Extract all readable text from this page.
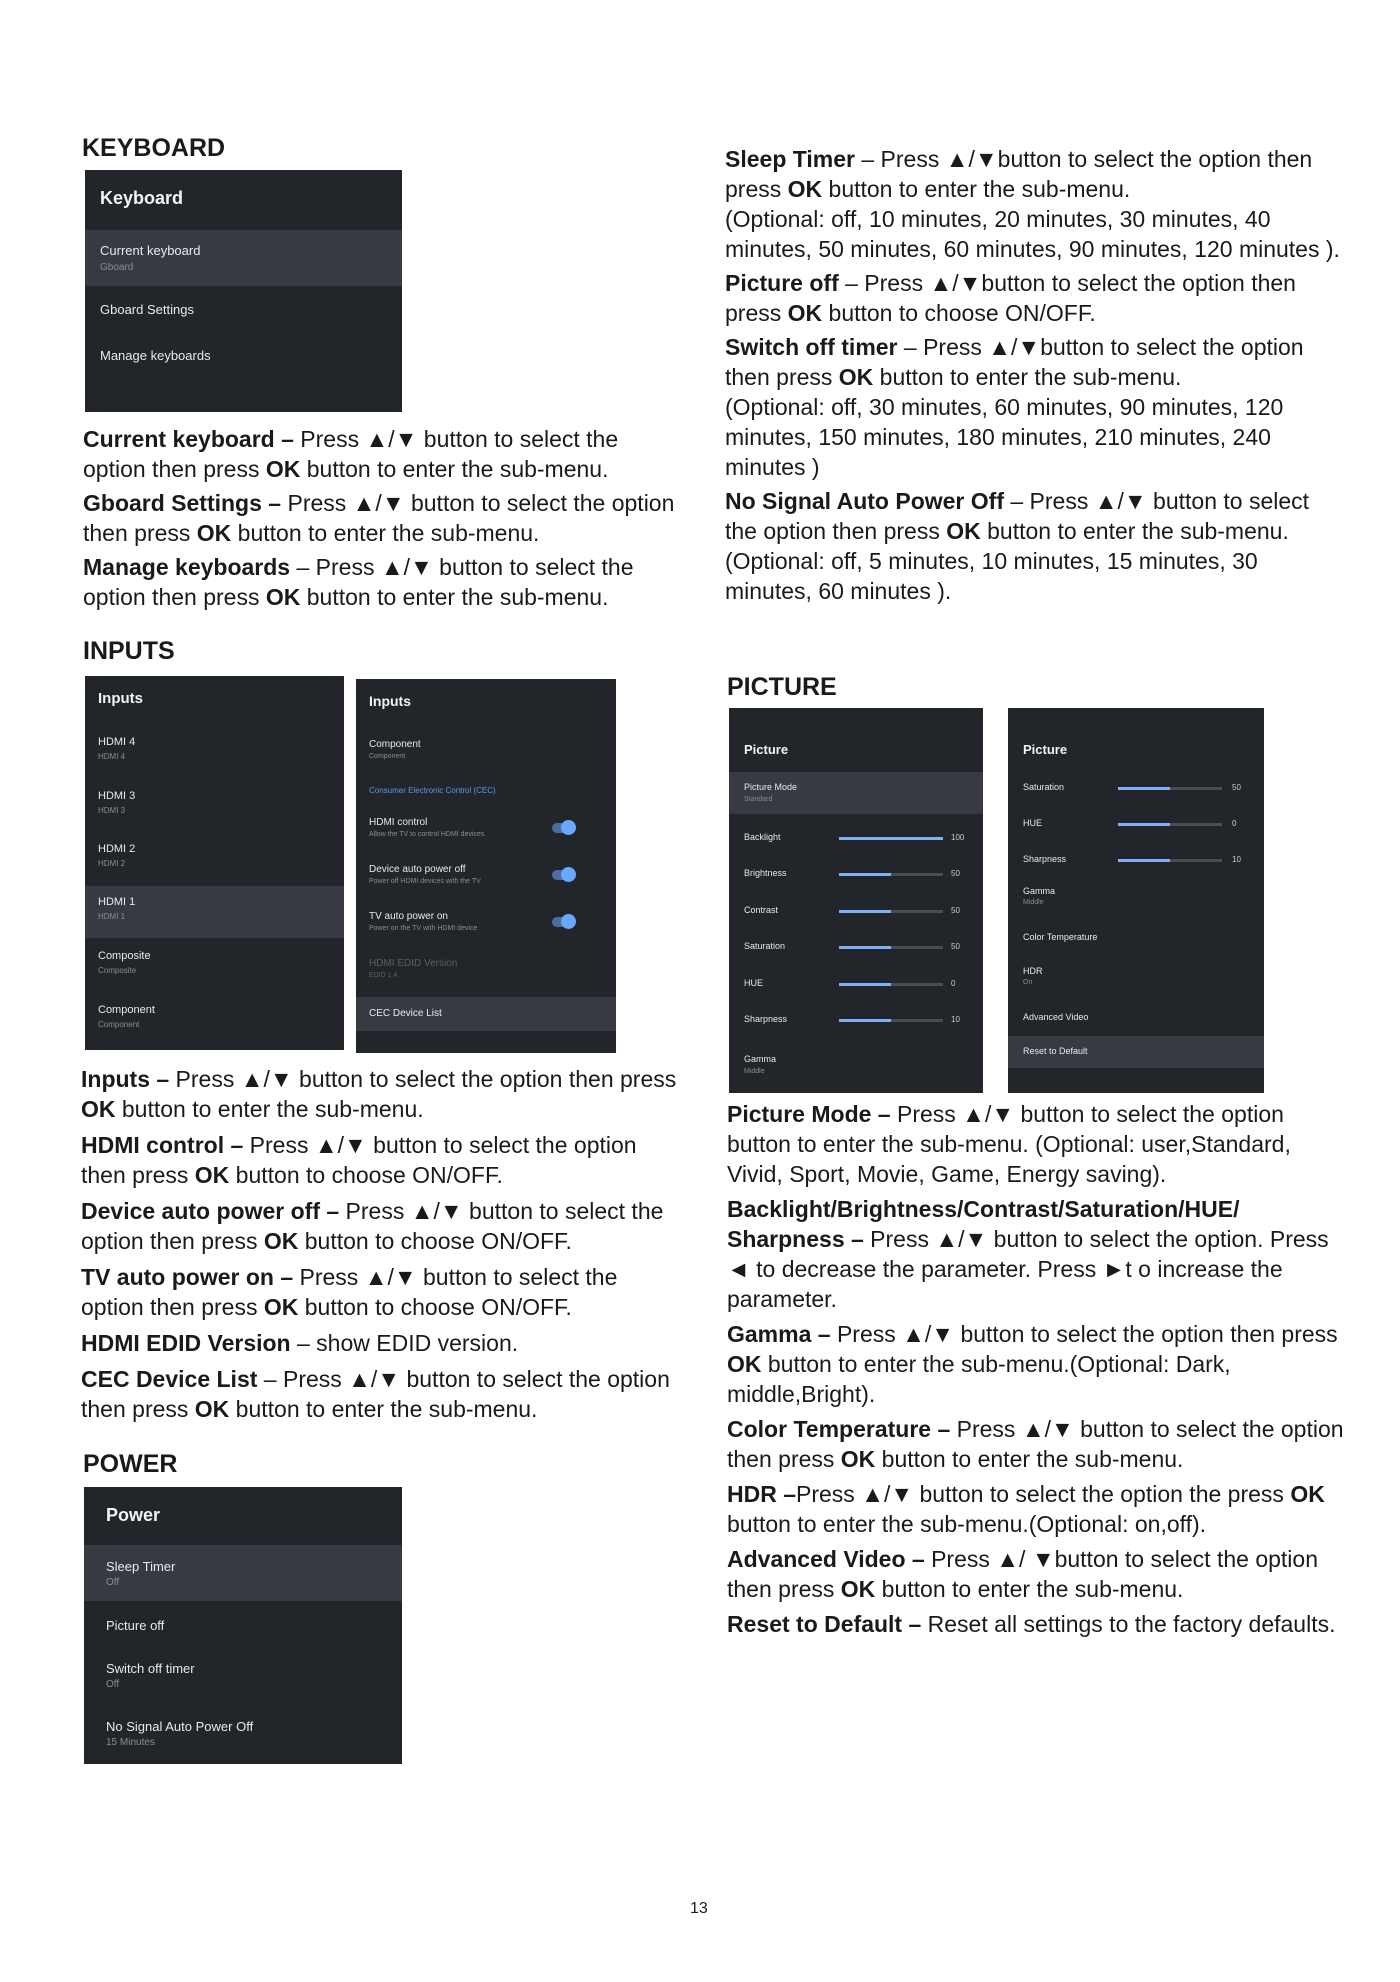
KEYBOARD
Keyboard
Current keyboard
Gboard
Gboard Settings
Manage keyboards
Current keyboard – Press ▲/▼ button to select the option then press OK button to enter the sub-menu.
Gboard Settings – Press ▲/▼ button to select the option then press OK button to enter the sub-menu.
Manage keyboards – Press ▲/▼ button to select the option then press OK button to enter the sub-menu.
INPUTS
Inputs
HDMI 4
HDMI 4
HDMI 3
HDMI 3
HDMI 2
HDMI 2
HDMI 1
HDMI 1
Composite
Composite
Component
Component
Inputs
Component
Component
Consumer Electronic Control (CEC)
HDMI control
Allow the TV to control HDMI devices
Device auto power off
Power off HDMI devices with the TV
TV auto power on
Power on the TV with HDMI device
HDMI EDID Version
EDID 1.4
CEC Device List
Inputs – Press ▲/▼ button to select the option then press OK button to enter the sub-menu.
HDMI control – Press ▲/▼ button to select the option then press OK button to choose ON/OFF.
Device auto power off – Press ▲/▼ button to select the option then press OK button to choose ON/OFF.
TV auto power on – Press ▲/▼ button to select the option then press OK button to choose ON/OFF.
HDMI EDID Version – show EDID version.
CEC Device List – Press ▲/▼ button to select the option then press OK button to enter the sub-menu.
POWER
Power
Sleep Timer
Off
Picture off
Switch off timer
Off
No Signal Auto Power Off
15 Minutes
Sleep Timer – Press ▲/▼button to select the option then press OK button to enter the sub-menu.
(Optional: off, 10 minutes, 20 minutes, 30 minutes, 40 minutes, 50 minutes, 60 minutes, 90 minutes, 120 minutes ).
Picture off – Press ▲/▼button to select the option then press OK button to choose ON/OFF.
Switch off timer – Press ▲/▼button to select the option then press OK button to enter the sub-menu.
(Optional: off, 30 minutes, 60 minutes, 90 minutes, 120 minutes, 150 minutes, 180 minutes, 210 minutes, 240 minutes )
No Signal Auto Power Off – Press ▲/▼ button to select the option then press OK button to enter the sub-menu. (Optional: off, 5 minutes, 10 minutes, 15 minutes, 30 minutes, 60 minutes ).
PICTURE
Picture
Picture Mode
Standard
Backlight	100
Brightness	50
Contrast	50
Saturation	50
HUE	0
Sharpness	10
Gamma
Middle
Picture
Saturation	50
HUE	0
Sharpness	10
Gamma
Middle
Color Temperature
HDR
On
Advanced Video
Reset to Default
Picture Mode – Press ▲/▼ button to select the option button to enter the sub-menu. (Optional: user,Standard, Vivid, Sport, Movie, Game, Energy saving).
Backlight/Brightness/Contrast/Saturation/HUE/ Sharpness – Press ▲/▼ button to select the option. Press ◄ to decrease the parameter. Press ►t o increase the parameter.
Gamma – Press ▲/▼ button to select the option then press OK button to enter the sub-menu.(Optional: Dark, middle,Bright).
Color Temperature – Press ▲/▼ button to select the option then press OK button to enter the sub-menu.
HDR –Press ▲/▼ button to select the option the press OK button to enter the sub-menu.(Optional: on,off).
Advanced Video – Press ▲/ ▼button to select the option then press OK button to enter the sub-menu.
Reset to Default – Reset all settings to the factory defaults.
13
